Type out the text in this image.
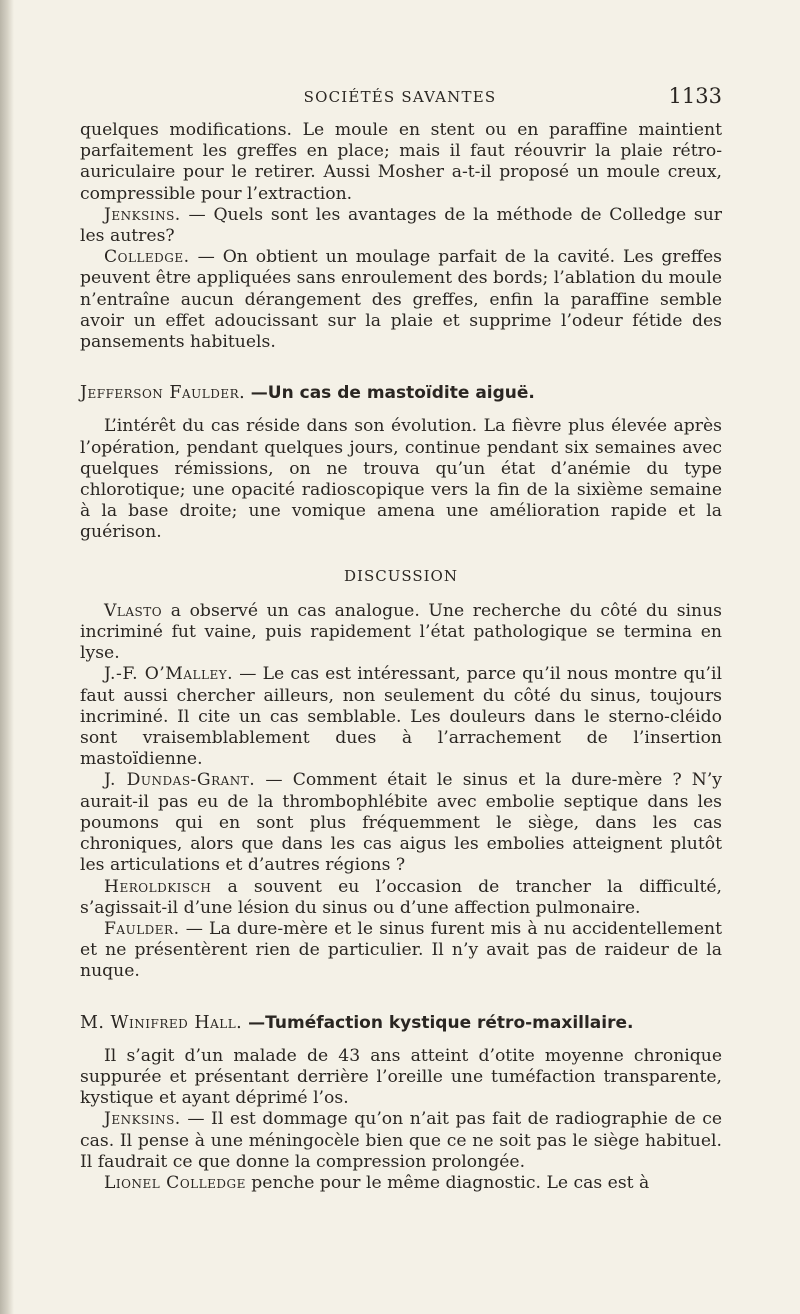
SOCIÉTÉS SAVANTES	1133

quelques modifications. Le moule en stent ou en paraffine maintient parfaitement les greffes en place; mais il faut réouvrir la plaie rétro-auriculaire pour le retirer. Aussi Mosher a-t-il proposé un moule creux, compressible pour l’extraction.

Jenksins. — Quels sont les avantages de la méthode de Colledge sur les autres?

Colledge. — On obtient un moulage parfait de la cavité. Les greffes peuvent être appliquées sans enroulement des bords; l’ablation du moule n’entraîne aucun dérangement des greffes, enfin la paraffine semble avoir un effet adoucissant sur la plaie et supprime l’odeur fétide des pansements habituels.

Jefferson Faulder. —Un cas de mastoïdite aiguë.

L’intérêt du cas réside dans son évolution. La fièvre plus élevée après l’opération, pendant quelques jours, continue pendant six semaines avec quelques rémissions, on ne trouva qu’un état d’anémie du type chlorotique; une opacité radioscopique vers la fin de la sixième semaine à la base droite; une vomique amena une amélioration rapide et la guérison.

DISCUSSION

Vlasto a observé un cas analogue. Une recherche du côté du sinus incriminé fut vaine, puis rapidement l’état pathologique se termina en lyse.

J.-F. O’Malley. — Le cas est intéressant, parce qu’il nous montre qu’il faut aussi chercher ailleurs, non seulement du côté du sinus, toujours incriminé. Il cite un cas semblable. Les douleurs dans le sterno-cléido sont vraisemblablement dues à l’arrachement de l’insertion mastoïdienne.

J. Dundas-Grant. — Comment était le sinus et la dure-mère ? N’y aurait-il pas eu de la thrombophlébite avec embolie septique dans les poumons qui en sont plus fréquemment le siège, dans les cas chroniques, alors que dans les cas aigus les embolies atteignent plutôt les articulations et d’autres régions ?

Heroldkisch a souvent eu l’occasion de trancher la difficulté, s’agissait-il d’une lésion du sinus ou d’une affection pulmonaire.

Faulder. — La dure-mère et le sinus furent mis à nu accidentellement et ne présentèrent rien de particulier. Il n’y avait pas de raideur de la nuque.

M. Winifred Hall. —Tuméfaction kystique rétro-maxillaire.

Il s’agit d’un malade de 43 ans atteint d’otite moyenne chronique suppurée et présentant derrière l’oreille une tuméfaction transparente, kystique et ayant déprimé l’os.

Jenksins. — Il est dommage qu’on n’ait pas fait de radiographie de ce cas. Il pense à une méningocèle bien que ce ne soit pas le siège habituel. Il faudrait ce que donne la compression prolongée.

Lionel Colledge penche pour le même diagnostic. Le cas est à
